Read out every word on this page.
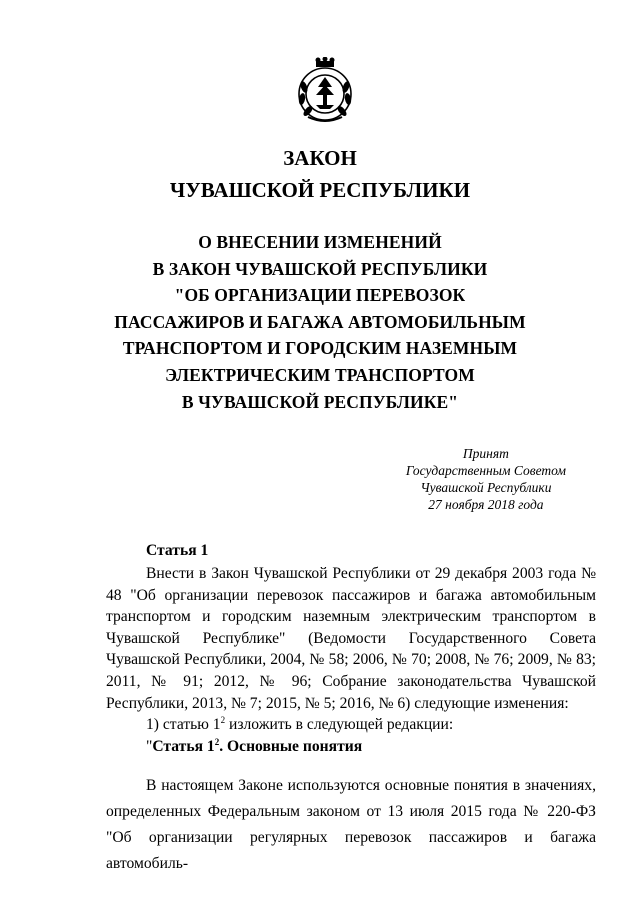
ЗАКОН
ЧУВАШСКОЙ РЕСПУБЛИКИ
О ВНЕСЕНИИ ИЗМЕНЕНИЙ
В ЗАКОН ЧУВАШСКОЙ РЕСПУБЛИКИ
"ОБ ОРГАНИЗАЦИИ ПЕРЕВОЗОК
ПАССАЖИРОВ И БАГАЖА АВТОМОБИЛЬНЫМ
ТРАНСПОРТОМ И ГОРОДСКИМ НАЗЕМНЫМ
ЭЛЕКТРИЧЕСКИМ ТРАНСПОРТОМ
В ЧУВАШСКОЙ РЕСПУБЛИКЕ"
Принят
Государственным Советом
Чувашской Республики
27 ноября 2018 года
Статья 1

Внести в Закон Чувашской Республики от 29 декабря 2003 года № 48 "Об организации перевозок пассажиров и багажа автомобильным транспортом и городским наземным электрическим транспортом в Чувашской Республике" (Ведомости Государственного Совета Чувашской Республики, 2004, № 58; 2006, № 70; 2008, № 76; 2009, № 83; 2011, № 91; 2012, № 96; Собрание законодательства Чувашской Республики, 2013, № 7; 2015, № 5; 2016, № 6) следующие изменения:

1) статью $1^2$ изложить в следующей редакции:

"Статья $1^2$. Основные понятия

В настоящем Законе используются основные понятия в значениях, определенных Федеральным законом от 13 июля 2015 года № 220-ФЗ "Об организации регулярных перевозок пассажиров и багажа автомобиль-
